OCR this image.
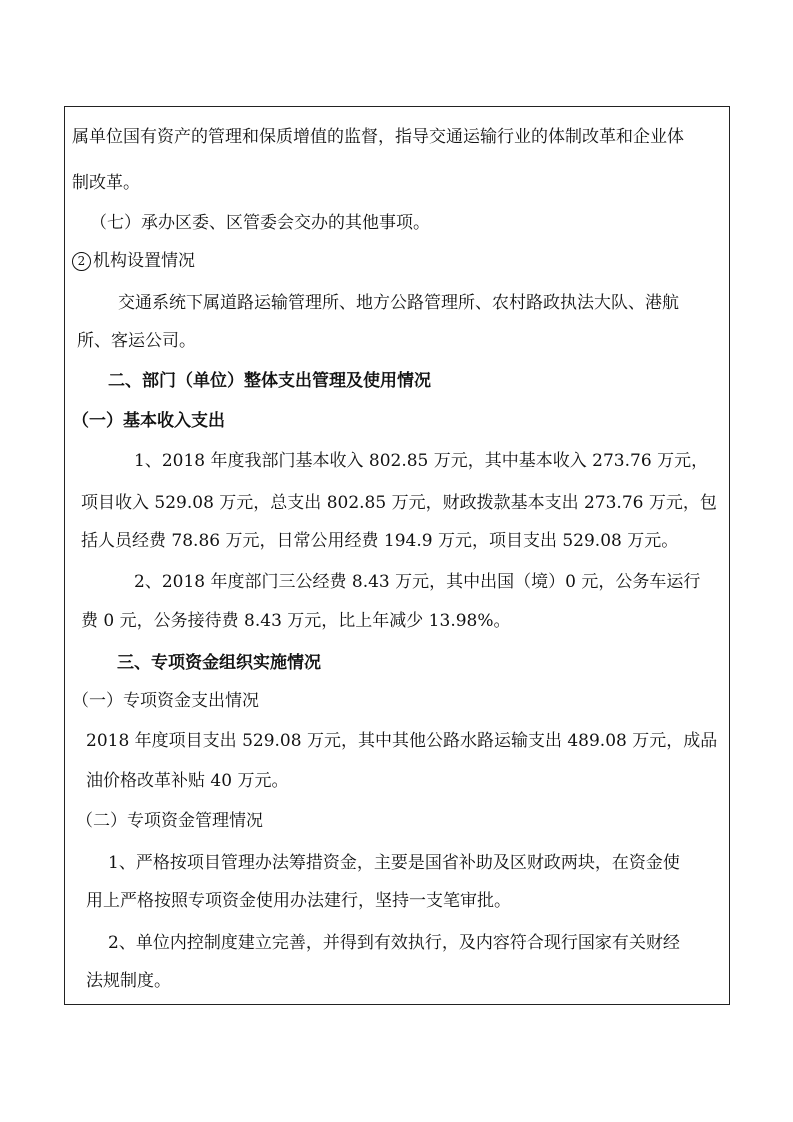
属单位国有资产的管理和保质增值的监督，指导交通运输行业的体制改革和企业体
制改革。
（七）承办区委、区管委会交办的其他事项。
2 机构设置情况
交通系统下属道路运输管理所、地方公路管理所、农村路政执法大队、港航
所、客运公司。
二、部门（单位）整体支出管理及使用情况
（一）基本收入支出
1、2018 年度我部门基本收入 802.85 万元，其中基本收入 273.76 万元，
项目收入 529.08 万元，总支出 802.85 万元，财政拨款基本支出 273.76 万元，包
括人员经费 78.86 万元，日常公用经费 194.9 万元，项目支出 529.08 万元。
2、2018 年度部门三公经费 8.43 万元，其中出国（境）0 元，公务车运行
费 0 元，公务接待费 8.43 万元，比上年减少 13.98%。
三、专项资金组织实施情况
（一）专项资金支出情况
2018 年度项目支出 529.08 万元，其中其他公路水路运输支出 489.08 万元，成品
油价格改革补贴 40 万元。
（二）专项资金管理情况
1、严格按项目管理办法筹措资金，主要是国省补助及区财政两块，在资金使
用上严格按照专项资金使用办法建行，坚持一支笔审批。
2、单位内控制度建立完善，并得到有效执行，及内容符合现行国家有关财经
法规制度。
